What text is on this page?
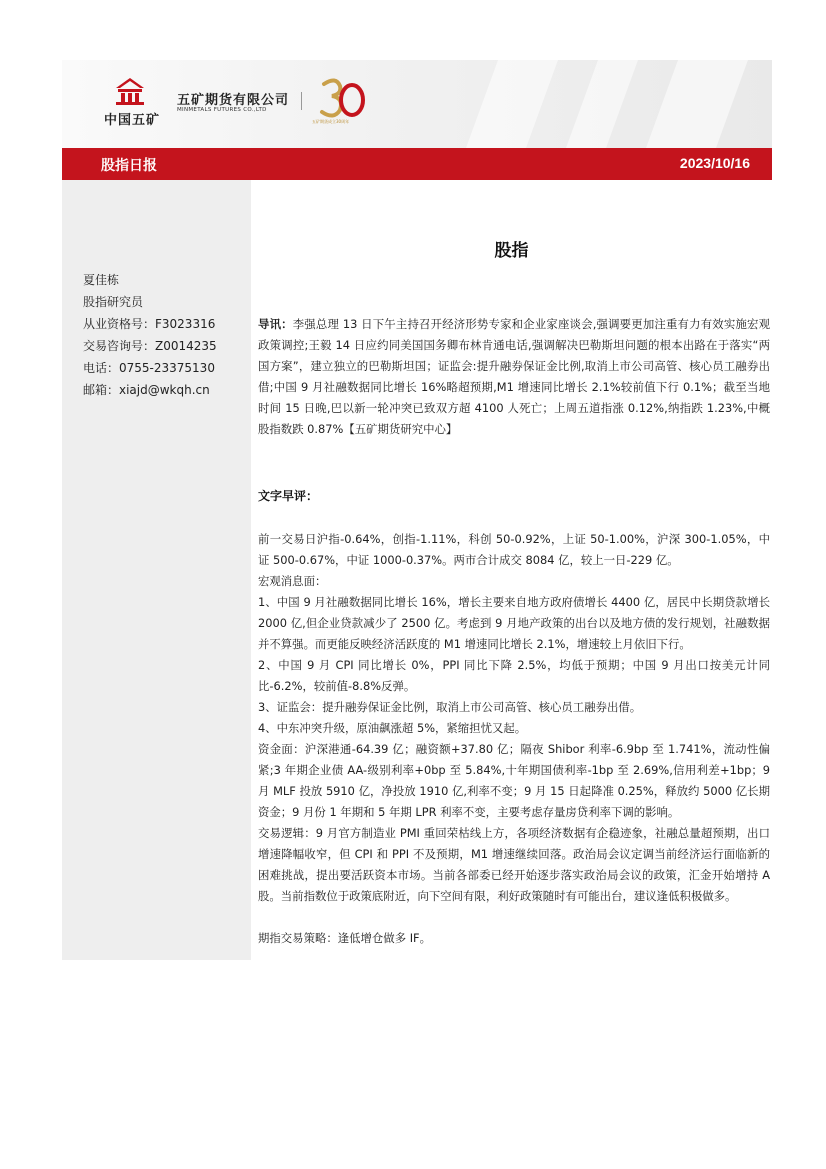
中国五矿
五矿期货有限公司
MINMETALS FUTURES CO.,LTD
五矿期货成立30周年
股指日报	2023/10/16
夏佳栋
股指研究员
从业资格号：F3023316
交易咨询号：Z0014235
电话：0755-23375130
邮箱：xiajd@wkqh.cn
股指

导讯：李强总理 13 日下午主持召开经济形势专家和企业家座谈会,强调要更加注重有力有效实施宏观政策调控;王毅 14 日应约同美国国务卿布林肯通电话,强调解决巴勒斯坦问题的根本出路在于落实“两国方案”，建立独立的巴勒斯坦国；证监会:提升融券保证金比例,取消上市公司高管、核心员工融券出借;中国 9 月社融数据同比增长 16%略超预期,M1 增速同比增长 2.1%较前值下行 0.1%；截至当地时间 15 日晚,巴以新一轮冲突已致双方超 4100 人死亡；上周五道指涨 0.12%,纳指跌 1.23%,中概股指数跌 0.87%【五矿期货研究中心】

文字早评：

前一交易日沪指-0.64%，创指-1.11%，科创 50-0.92%，上证 50-1.00%，沪深 300-1.05%，中证 500-0.67%，中证 1000-0.37%。两市合计成交 8084 亿，较上一日-229 亿。

宏观消息面：

1、中国 9 月社融数据同比增长 16%，增长主要来自地方政府债增长 4400 亿，居民中长期贷款增长 2000 亿,但企业贷款减少了 2500 亿。考虑到 9 月地产政策的出台以及地方债的发行规划，社融数据并不算强。而更能反映经济活跃度的 M1 增速同比增长 2.1%，增速较上月依旧下行。

2、中国 9 月 CPI 同比增长 0%，PPI 同比下降 2.5%，均低于预期；中国 9 月出口按美元计同比-6.2%，较前值-8.8%反弹。

3、证监会：提升融券保证金比例，取消上市公司高管、核心员工融券出借。

4、中东冲突升级，原油飙涨超 5%，紧缩担忧又起。

资金面：沪深港通-64.39 亿；融资额+37.80 亿；隔夜 Shibor 利率-6.9bp 至 1.741%，流动性偏紧;3 年期企业债 AA-级别利率+0bp 至 5.84%,十年期国债利率-1bp 至 2.69%,信用利差+1bp；9 月 MLF 投放 5910 亿，净投放 1910 亿,利率不变；9 月 15 日起降准 0.25%，释放约 5000 亿长期资金；9 月份 1 年期和 5 年期 LPR 利率不变，主要考虑存量房贷利率下调的影响。

交易逻辑：9 月官方制造业 PMI 重回荣枯线上方，各项经济数据有企稳迹象，社融总量超预期，出口增速降幅收窄，但 CPI 和 PPI 不及预期，M1 增速继续回落。政治局会议定调当前经济运行面临新的困难挑战，提出要活跃资本市场。当前各部委已经开始逐步落实政治局会议的政策，汇金开始增持 A 股。当前指数位于政策底附近，向下空间有限，利好政策随时有可能出台，建议逢低积极做多。

期指交易策略：逢低增仓做多 IF。
